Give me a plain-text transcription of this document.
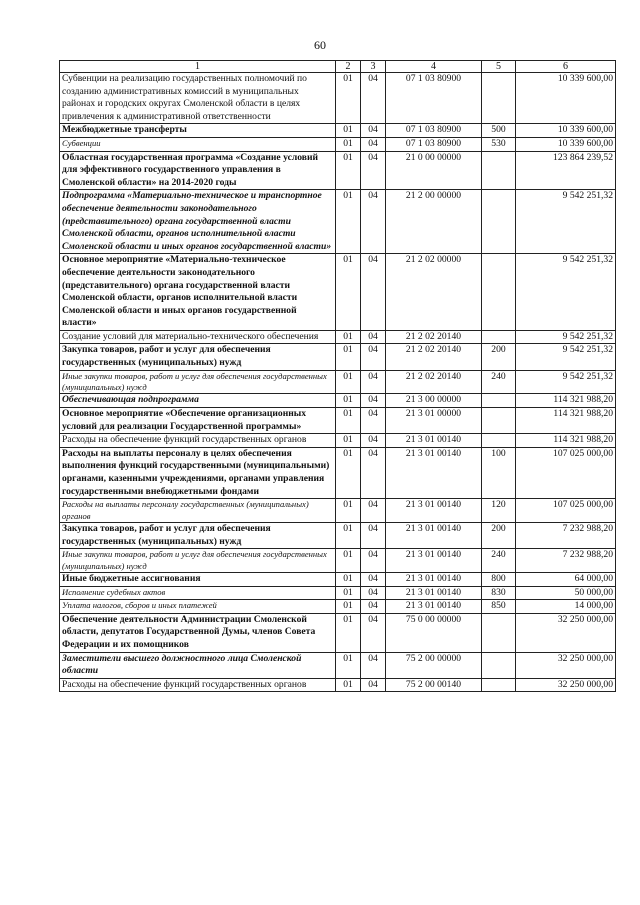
60
1	2	3	4	5	6
Субвенции на реализацию государственных полномочий по созданию административных комиссий в муниципальных районах и городских округах Смоленской области в целях привлечения к административной ответственности	01	04	07 1 03 80900		10 339 600,00
Межбюджетные трансферты	01	04	07 1 03 80900	500	10 339 600,00
Субвенции	01	04	07 1 03 80900	530	10 339 600,00
Областная государственная программа «Создание условий для эффективного государственного управления в Смоленской области» на 2014-2020 годы	01	04	21 0 00 00000		123 864 239,52
Подпрограмма «Материально-техническое и транспортное обеспечение деятельности законодательного (представительного) органа государственной власти Смоленской области, органов исполнительной власти Смоленской области и иных органов государственной власти»	01	04	21 2 00 00000		9 542 251,32
Основное мероприятие «Материально-техническое обеспечение деятельности законодательного (представительного) органа государственной власти Смоленской области, органов исполнительной власти Смоленской области и иных органов государственной власти»	01	04	21 2 02 00000		9 542 251,32
Создание условий для материально-технического обеспечения	01	04	21 2 02 20140		9 542 251,32
Закупка товаров, работ и услуг для обеспечения государственных (муниципальных) нужд	01	04	21 2 02 20140	200	9 542 251,32
Иные закупки товаров, работ и услуг для обеспечения государственных (муниципальных) нужд	01	04	21 2 02 20140	240	9 542 251,32
Обеспечивающая подпрограмма	01	04	21 3 00 00000		114 321 988,20
Основное мероприятие «Обеспечение организационных условий для реализации Государственной программы»	01	04	21 3 01 00000		114 321 988,20
Расходы на обеспечение функций государственных органов	01	04	21 3 01 00140		114 321 988,20
Расходы на выплаты персоналу в целях обеспечения выполнения функций государственными (муниципальными) органами, казенными учреждениями, органами управления государственными внебюджетными фондами	01	04	21 3 01 00140	100	107 025 000,00
Расходы на выплаты персоналу государственных (муниципальных) органов	01	04	21 3 01 00140	120	107 025 000,00
Закупка товаров, работ и услуг для обеспечения государственных (муниципальных) нужд	01	04	21 3 01 00140	200	7 232 988,20
Иные закупки товаров, работ и услуг для обеспечения государственных (муниципальных) нужд	01	04	21 3 01 00140	240	7 232 988,20
Иные бюджетные ассигнования	01	04	21 3 01 00140	800	64 000,00
Исполнение судебных актов	01	04	21 3 01 00140	830	50 000,00
Уплата налогов, сборов и иных платежей	01	04	21 3 01 00140	850	14 000,00
Обеспечение деятельности Администрации Смоленской области, депутатов Государственной Думы, членов Совета Федерации и их помощников	01	04	75 0 00 00000		32 250 000,00
Заместители высшего должностного лица Смоленской области	01	04	75 2 00 00000		32 250 000,00
Расходы на обеспечение функций государственных органов	01	04	75 2 00 00140		32 250 000,00
